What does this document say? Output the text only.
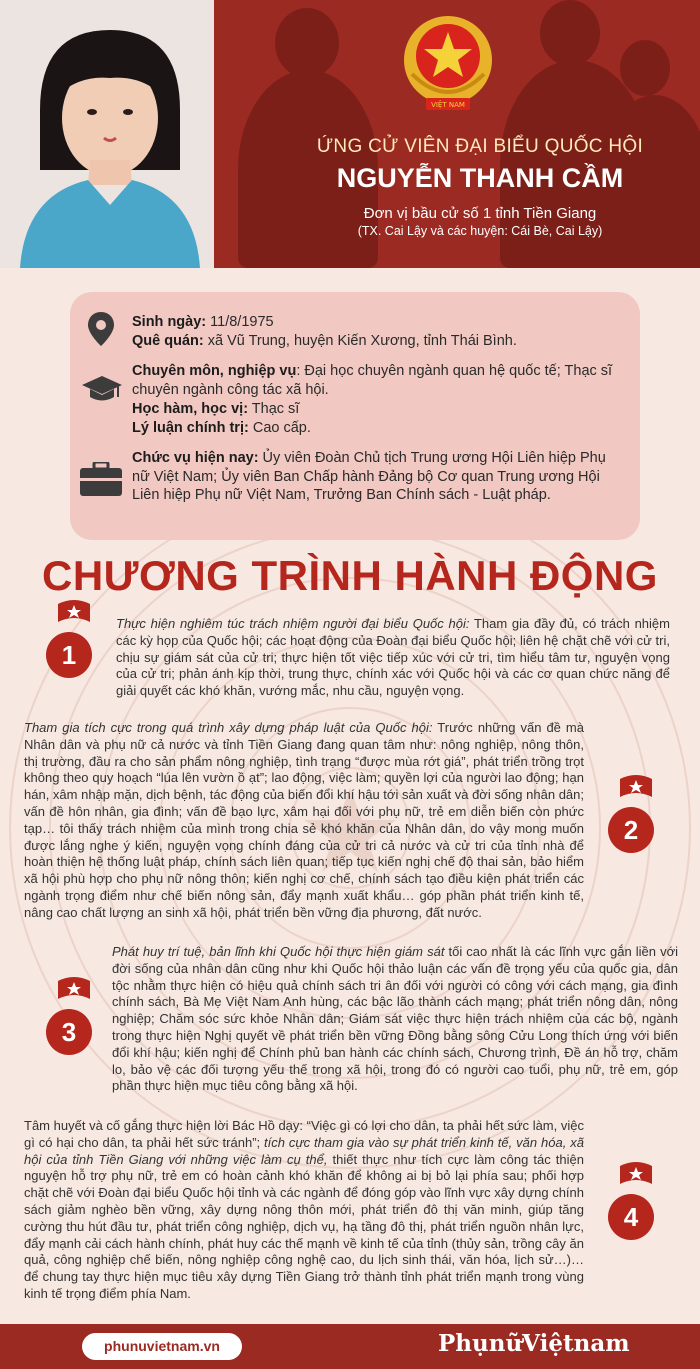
VIỆT NAM
ỨNG CỬ VIÊN ĐẠI BIỂU QUỐC HỘI
NGUYỄN THANH CẦM
Đơn vị bầu cử số 1 tỉnh Tiền Giang
(TX. Cai Lậy và các huyện: Cái Bè, Cai Lậy)
Sinh ngày: 11/8/1975
Quê quán: xã Vũ Trung, huyện Kiến Xương, tỉnh Thái Bình.
Chuyên môn, nghiệp vụ: Đại học chuyên ngành quan hệ quốc tế; Thạc sĩ chuyên ngành công tác xã hội.
Học hàm, học vị: Thạc sĩ
Lý luận chính trị: Cao cấp.
Chức vụ hiện nay: Ủy viên Đoàn Chủ tịch Trung ương Hội Liên hiệp Phụ nữ Việt Nam; Ủy viên Ban Chấp hành Đảng bộ Cơ quan Trung ương Hội Liên hiệp Phụ nữ Việt Nam, Trưởng Ban Chính sách - Luật pháp.
CHƯƠNG TRÌNH HÀNH ĐỘNG
1
Thực hiện nghiêm túc trách nhiệm người đại biểu Quốc hội: Tham gia đầy đủ, có trách nhiệm các kỳ họp của Quốc hội; các hoạt động của Đoàn đại biểu Quốc hội; liên hệ chặt chẽ với cử tri, chịu sự giám sát của cử tri; thực hiện tốt việc tiếp xúc với cử tri, tìm hiểu tâm tư, nguyện vọng của cử tri; phản ánh kịp thời, trung thực, chính xác với Quốc hội và các cơ quan chức năng để giải quyết các khó khăn, vướng mắc, nhu cầu, nguyện vọng.
Tham gia tích cực trong quá trình xây dựng pháp luật của Quốc hội: Trước những vấn đề mà Nhân dân và phụ nữ cả nước và tỉnh Tiền Giang đang quan tâm như: nông nghiệp, nông thôn, thị trường, đầu ra cho sản phẩm nông nghiệp, tình trạng “được mùa rớt giá”, phát triển trồng trọt không theo quy hoạch “lúa lên vườn ồ ạt”; lao động, việc làm; quyền lợi của người lao động; hạn hán, xâm nhập mặn, dịch bệnh, tác động của biến đổi khí hậu tới sản xuất và đời sống nhân dân; vấn đề hôn nhân, gia đình; vấn đề bạo lực, xâm hại đối với phụ nữ, trẻ em diễn biến còn phức tạp… tôi thấy trách nhiệm của mình trong chia sẻ khó khăn của Nhân dân, do vậy mong muốn được lắng nghe ý kiến, nguyện vọng chính đáng của cử tri cả nước và cử tri của tỉnh nhà để hoàn thiện hệ thống luật pháp, chính sách liên quan; tiếp tục kiến nghị chế độ thai sản, bảo hiểm xã hội phù hợp cho phụ nữ nông thôn; kiến nghị cơ chế, chính sách tạo điều kiện phát triển các ngành trọng điểm như chế biến nông sản, đẩy mạnh xuất khẩu… góp phần phát triển kinh tế, nâng cao chất lượng an sinh xã hội, phát triển bền vững địa phương, đất nước.
2
3
Phát huy trí tuệ, bản lĩnh khi Quốc hội thực hiện giám sát tối cao nhất là các lĩnh vực gắn liền với đời sống của nhân dân cũng như khi Quốc hội thảo luận các vấn đề trọng yếu của quốc gia, dân tộc nhằm thực hiện có hiệu quả chính sách tri ân đối với người có công với cách mạng, gia đình chính sách, Bà Mẹ Việt Nam Anh hùng, các bậc lão thành cách mạng; phát triển nông dân, nông nghiệp; Chăm sóc sức khỏe Nhân dân; Giám sát việc thực hiện trách nhiệm của các bộ, ngành trong thực hiện Nghị quyết về phát triển bền vững Đồng bằng sông Cửu Long thích ứng với biến đổi khí hậu; kiến nghị để Chính phủ ban hành các chính sách, Chương trình, Đề án hỗ trợ, chăm lo, bảo vệ các đối tượng yếu thế trong xã hội, trong đó có người cao tuổi, phụ nữ, trẻ em, góp phần thực hiện mục tiêu công bằng xã hội.
Tâm huyết và cố gắng thực hiện lời Bác Hồ dạy: “Việc gì có lợi cho dân, ta phải hết sức làm, việc gì có hại cho dân, ta phải hết sức tránh”; tích cực tham gia vào sự phát triển kinh tế, văn hóa, xã hội của tỉnh Tiền Giang với những việc làm cụ thể, thiết thực như tích cực làm công tác thiện nguyện hỗ trợ phụ nữ, trẻ em có hoàn cảnh khó khăn để không ai bị bỏ lại phía sau; phối hợp chặt chẽ với Đoàn đại biểu Quốc hội tỉnh và các ngành để đóng góp vào lĩnh vực xây dựng chính sách giảm nghèo bền vững, xây dựng nông thôn mới, phát triển đô thị văn minh, giúp tăng cường thu hút đầu tư, phát triển công nghiệp, dịch vụ, hạ tầng đô thị, phát triển nguồn nhân lực, đẩy mạnh cải cách hành chính, phát huy các thế mạnh về kinh tế của tỉnh (thủy sản, trồng cây ăn quả, công nghiệp chế biến, nông nghiệp công nghệ cao, du lịch sinh thái, văn hóa, lịch sử…)… để chung tay thực hiện mục tiêu xây dựng Tiền Giang trở thành tỉnh phát triển mạnh trong vùng kinh tế trọng điểm phía Nam.
4
phunuvietnam.vn	PhụnữViệtnam
